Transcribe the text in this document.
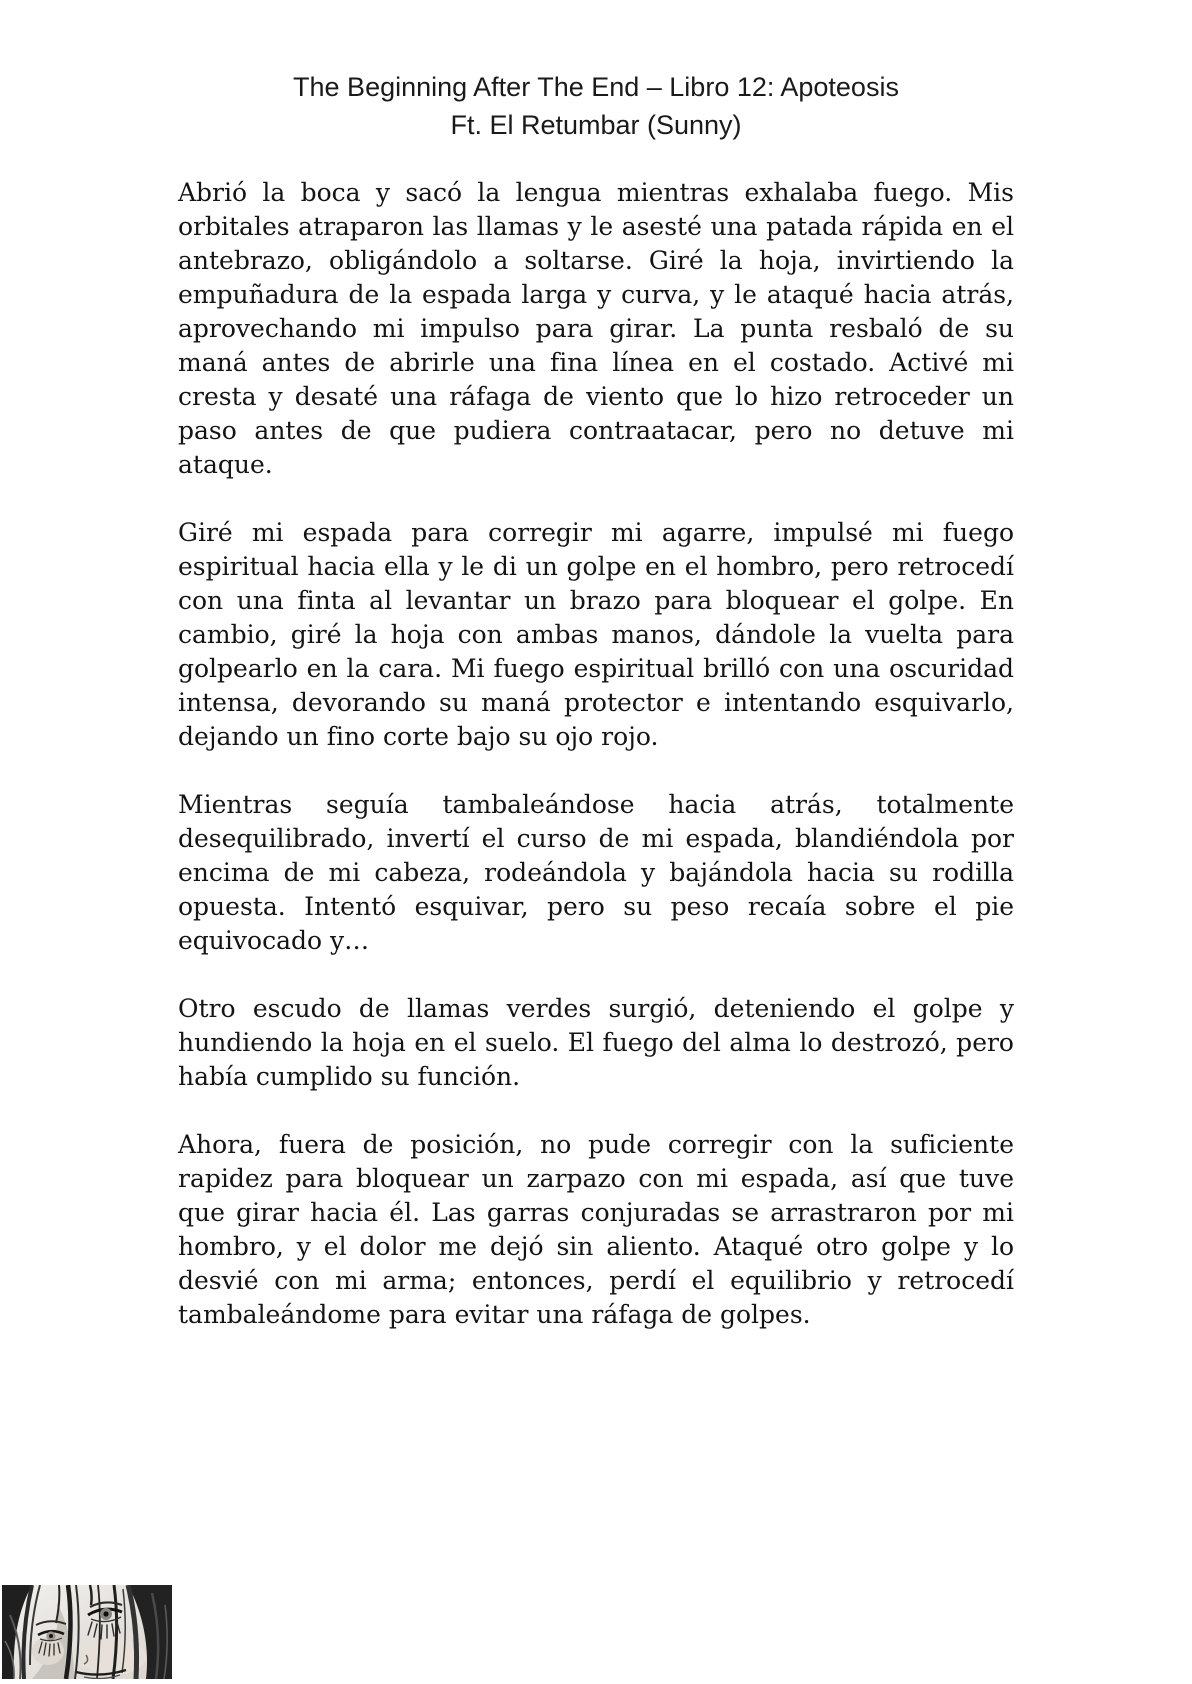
The Beginning After The End – Libro 12: Apoteosis
Ft. El Retumbar (Sunny)

Abrió la boca y sacó la lengua mientras exhalaba fuego. Mis orbitales atraparon las llamas y le asesté una patada rápida en el antebrazo, obligándolo a soltarse. Giré la hoja, invirtiendo la empuñadura de la espada larga y curva, y le ataqué hacia atrás, aprovechando mi impulso para girar. La punta resbaló de su maná antes de abrirle una fina línea en el costado. Activé mi cresta y desaté una ráfaga de viento que lo hizo retroceder un paso antes de que pudiera contraatacar, pero no detuve mi ataque.

Giré mi espada para corregir mi agarre, impulsé mi fuego espiritual hacia ella y le di un golpe en el hombro, pero retrocedí con una finta al levantar un brazo para bloquear el golpe. En cambio, giré la hoja con ambas manos, dándole la vuelta para golpearlo en la cara. Mi fuego espiritual brilló con una oscuridad intensa, devorando su maná protector e intentando esquivarlo, dejando un fino corte bajo su ojo rojo.

Mientras seguía tambaleándose hacia atrás, totalmente desequilibrado, invertí el curso de mi espada, blandiéndola por encima de mi cabeza, rodeándola y bajándola hacia su rodilla opuesta. Intentó esquivar, pero su peso recaía sobre el pie equivocado y…

Otro escudo de llamas verdes surgió, deteniendo el golpe y hundiendo la hoja en el suelo. El fuego del alma lo destrozó, pero había cumplido su función.

Ahora, fuera de posición, no pude corregir con la suficiente rapidez para bloquear un zarpazo con mi espada, así que tuve que girar hacia él. Las garras conjuradas se arrastraron por mi hombro, y el dolor me dejó sin aliento. Ataqué otro golpe y lo desvié con mi arma; entonces, perdí el equilibrio y retrocedí tambaleándome para evitar una ráfaga de golpes.
